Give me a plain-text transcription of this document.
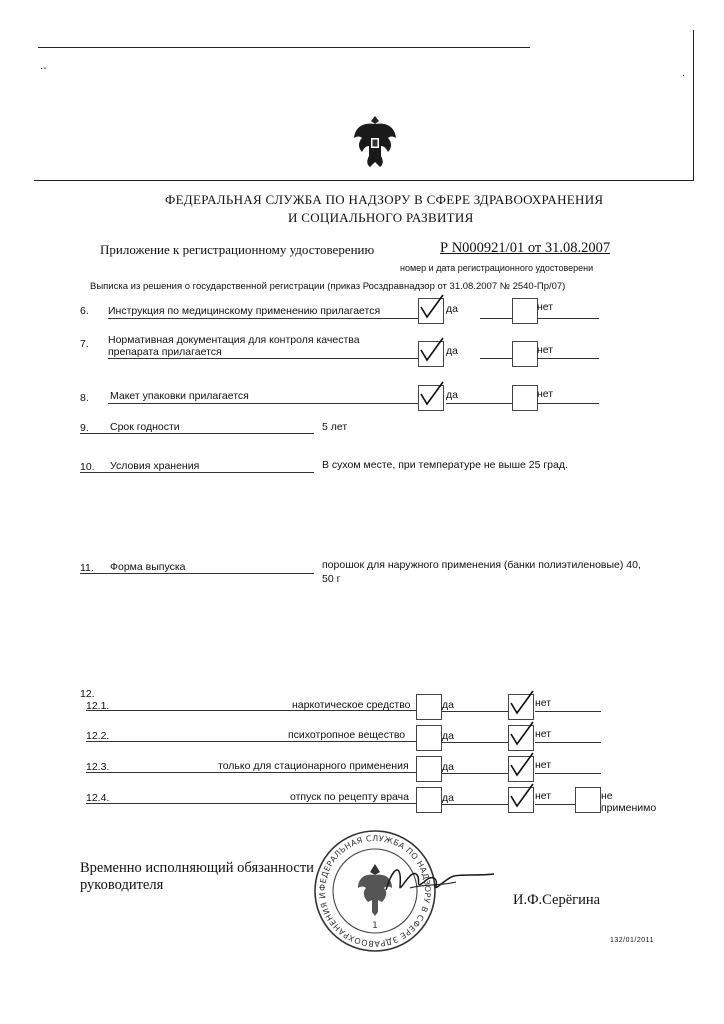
·-
·
ФЕДЕРАЛЬНАЯ СЛУЖБА ПО НАДЗОРУ В СФЕРЕ ЗДРАВООХРАНЕНИЯ
И СОЦИАЛЬНОГО РАЗВИТИЯ
Приложение к регистрационному удостоверению	Р N000921/01 от 31.08.2007
номер и дата регистрационного удостоверени
Выписка из решения о государственной регистрации (приказ Росздравнадзор от 31.08.2007 № 2540-Пр/07)
6. Инструкция по медицинскому применению прилагается	да	нет
7. Нормативная документация для контроля качества
препарата прилагается	да	нет
8. Макет упаковки прилагается	да	нет
9. Срок годности	5 лет
10. Условия хранения	В сухом месте, при температуре не выше 25 град.
11. Форма выпуска	порошок для наружного применения (банки полиэтиленовые) 40,
50 г
12.
12.1.	наркотическое средство	да	нет
12.2.	психотропное вещество	да	нет
12.3.	только для стационарного применения	да	нет
12.4.	отпуск по рецепту врача	да	нет	не
применимо
Временно исполняющий обязанности
руководителя
И.Ф.Серёгина
132/01/2011
ФЕДЕРАЛЬНАЯ СЛУЖБА ПО НАДЗОРУ В СФЕРЕ ЗДРАВООХРАНЕНИЯ И
1
